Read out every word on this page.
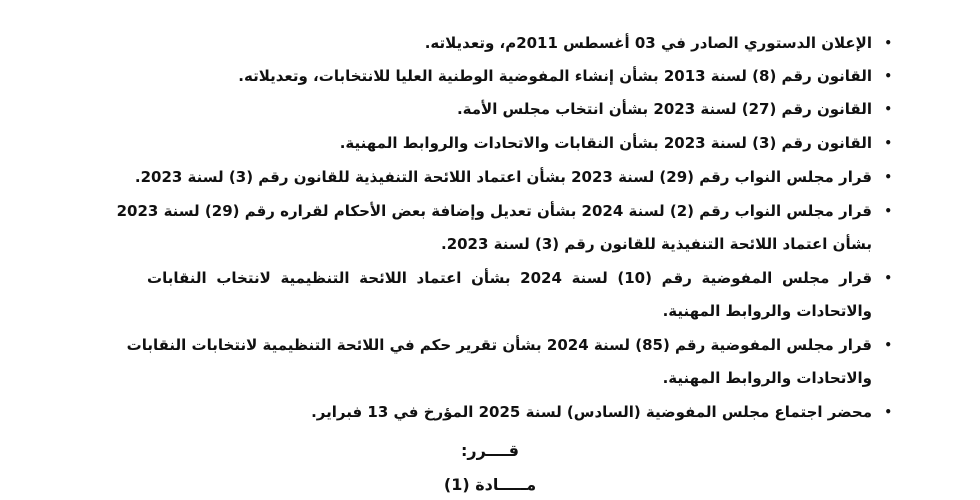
•
الإعلان الدستوري الصادر في 03 أغسطس 2011م، وتعديلاته.
•
القانون رقم (8) لسنة 2013 بشأن إنشاء المفوضية الوطنية العليا للانتخابات، وتعديلاته.
•
القانون رقم (27) لسنة 2023 بشأن انتخاب مجلس الأمة.
•
القانون رقم (3) لسنة 2023 بشأن النقابات والاتحادات والروابط المهنية.
•
قرار مجلس النواب رقم (29) لسنة 2023 بشأن اعتماد اللائحة التنفيذية للقانون رقم (3) لسنة 2023.
•
قرار مجلس النواب رقم (2) لسنة 2024 بشأن تعديل وإضافة بعض الأحكام لقراره رقم (29) لسنة 2023
بشأن اعتماد اللائحة التنفيذية للقانون رقم (3) لسنة 2023.
•
قرار مجلس المفوضية رقم (10) لسنة 2024 بشأن اعتماد اللائحة التنظيمية لانتخاب النقابات
والاتحادات والروابط المهنية.
•
قرار مجلس المفوضية رقم (85) لسنة 2024 بشأن تقرير حكم في اللائحة التنظيمية لانتخابات النقابات
والاتحادات والروابط المهنية.
•
محضر اجتماع مجلس المفوضية (السادس) لسنة 2025 المؤرخ في 13 فبراير.
قــــرر:
مـــــادة (1)
